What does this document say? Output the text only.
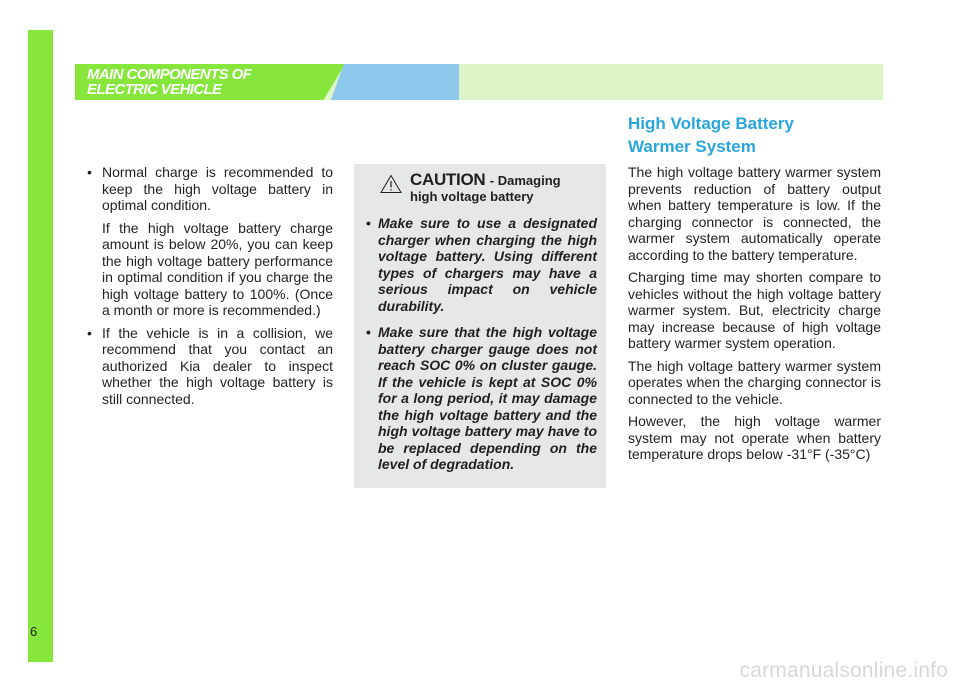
MAIN COMPONENTS OF
ELECTRIC VEHICLE
• Normal charge is recommended to keep the high voltage battery in optimal condition.
If the high voltage battery charge amount is below 20%, you can keep the high voltage battery performance in optimal condition if you charge the high voltage battery to 100%. (Once a month or more is recommended.)
• If the vehicle is in a collision, we recommend that you contact an authorized Kia dealer to inspect whether the high voltage battery is still connected.
CAUTION - Damaging
high voltage battery
• Make sure to use a designated charger when charging the high voltage battery. Using different types of chargers may have a serious impact on vehicle durability.
• Make sure that the high voltage battery charger gauge does not reach SOC 0% on cluster gauge. If the vehicle is kept at SOC 0% for a long period, it may damage the high voltage battery and the high voltage battery may have to be replaced depending on the level of degradation.
High Voltage Battery
Warmer System
The high voltage battery warmer system prevents reduction of battery output when battery temperature is low. If the charging connector is connected, the warmer system automatically operate according to the battery temperature.
Charging time may shorten compare to vehicles without the high voltage battery warmer system. But, electricity charge may increase because of high voltage battery warmer system operation.
The high voltage battery warmer system operates when the charging connector is connected to the vehicle.
However, the high voltage warmer system may not operate when battery temperature drops below -31°F (-35°C)
6
carmanualsonline.info
